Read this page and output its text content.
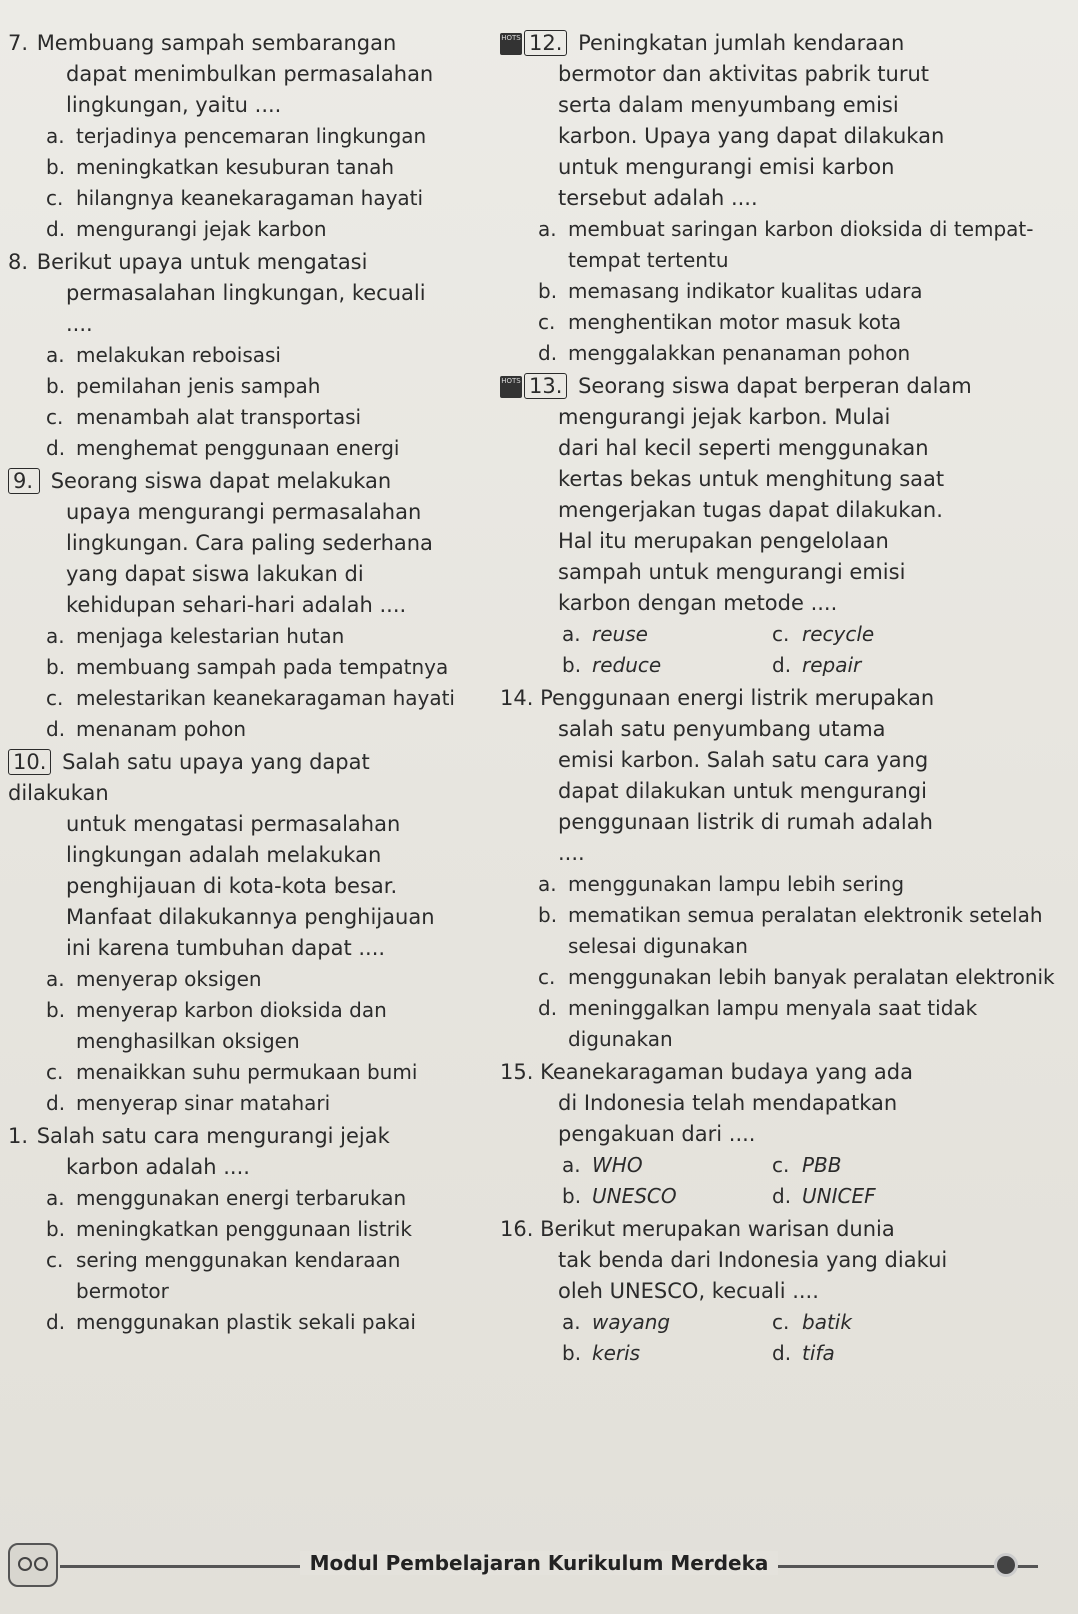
7. Membuang sampah sembarangan
dapat menimbulkan permasalahan
lingkungan, yaitu ....
a. terjadinya pencemaran lingkungan
b. meningkatkan kesuburan tanah
c. hilangnya keanekaragaman hayati
d. mengurangi jejak karbon
8. Berikut upaya untuk mengatasi
permasalahan lingkungan, kecuali
....
a. melakukan reboisasi
b. pemilahan jenis sampah
c. menambah alat transportasi
d. menghemat penggunaan energi
9. Seorang siswa dapat melakukan
upaya mengurangi permasalahan
lingkungan. Cara paling sederhana
yang dapat siswa lakukan di
kehidupan sehari-hari adalah ....
a. menjaga kelestarian hutan
b. membuang sampah pada tempatnya
c. melestarikan keanekaragaman hayati
d. menanam pohon
10. Salah satu upaya yang dapat dilakukan
untuk mengatasi permasalahan
lingkungan adalah melakukan
penghijauan di kota-kota besar.
Manfaat dilakukannya penghijauan
ini karena tumbuhan dapat ....
a. menyerap oksigen
b. menyerap karbon dioksida dan menghasilkan oksigen
c. menaikkan suhu permukaan bumi
d. menyerap sinar matahari
1. Salah satu cara mengurangi jejak
karbon adalah ....
a. menggunakan energi terbarukan
b. meningkatkan penggunaan listrik
c. sering menggunakan kendaraan bermotor
d. menggunakan plastik sekali pakai
HOTS 12. Peningkatan jumlah kendaraan
bermotor dan aktivitas pabrik turut
serta dalam menyumbang emisi
karbon. Upaya yang dapat dilakukan
untuk mengurangi emisi karbon
tersebut adalah ....
a. membuat saringan karbon dioksida di tempat-tempat tertentu
b. memasang indikator kualitas udara
c. menghentikan motor masuk kota
d. menggalakkan penanaman pohon
HOTS 13. Seorang siswa dapat berperan dalam
mengurangi jejak karbon. Mulai
dari hal kecil seperti menggunakan
kertas bekas untuk menghitung saat
mengerjakan tugas dapat dilakukan.
Hal itu merupakan pengelolaan
sampah untuk mengurangi emisi
karbon dengan metode ....
a. reuse	c. recycle
b. reduce	d. repair
14. Penggunaan energi listrik merupakan
salah satu penyumbang utama
emisi karbon. Salah satu cara yang
dapat dilakukan untuk mengurangi
penggunaan listrik di rumah adalah
....
a. menggunakan lampu lebih sering
b. mematikan semua peralatan elektronik setelah selesai digunakan
c. menggunakan lebih banyak peralatan elektronik
d. meninggalkan lampu menyala saat tidak digunakan
15. Keanekaragaman budaya yang ada
di Indonesia telah mendapatkan
pengakuan dari ....
a. WHO	c. PBB
b. UNESCO	d. UNICEF
16. Berikut merupakan warisan dunia
tak benda dari Indonesia yang diakui
oleh UNESCO, kecuali ....
a. wayang	c. batik
b. keris	d. tifa
Modul Pembelajaran Kurikulum Merdeka
